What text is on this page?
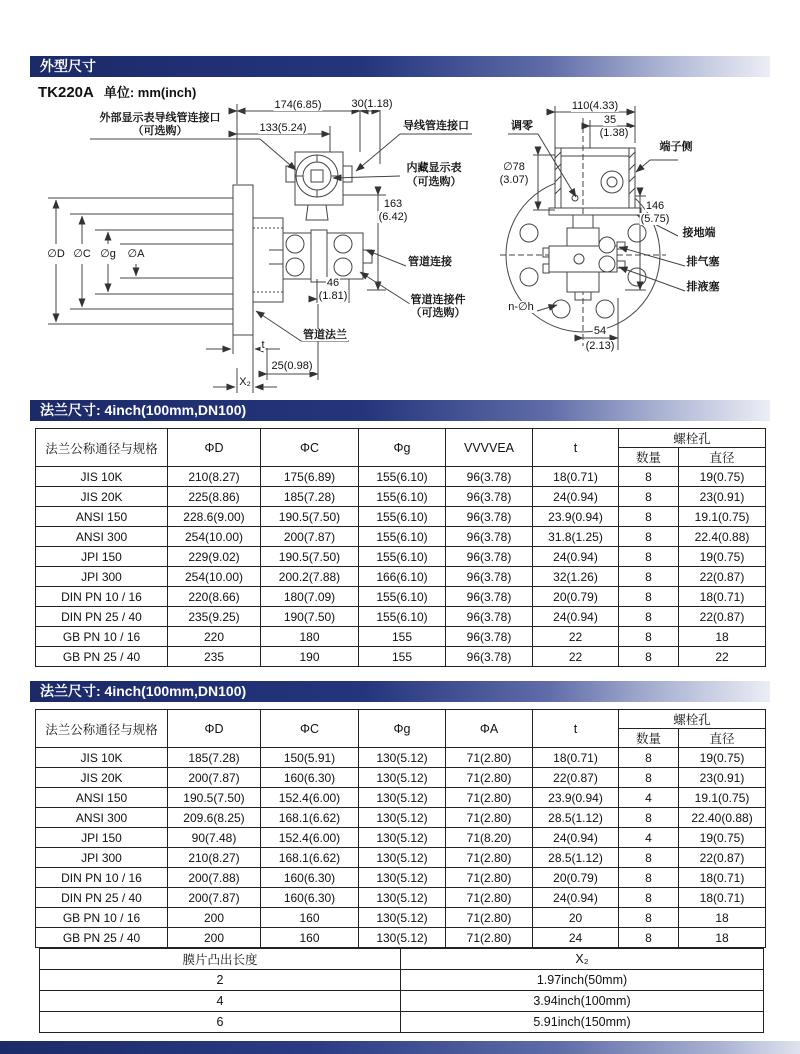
外型尺寸
TK220A 单位: mm(inch)
174(6.85)
133(5.24)
30(1.18)
外部显示表导线管连接口
（可选购）	导线管连接口
内藏显示表
（可选购）
163
(6.42)
∅D ∅C ∅g ∅A
46
(1.81)
管道连接
管道连接件
（可选购）
管道法兰
t
25(0.98)
X₂
110(4.33)
35
(1.38)
调零
端子侧
∅78
(3.07)
146
(5.75)
接地端
排气塞
排液塞
n-∅h
54
(2.13)
法兰尺寸: 4inch(100mm,DN100)
法兰公称通径与规格	ΦD	ΦC	Φg	VVVVEA	t	螺栓孔	
						数量	直径
JIS 10K	210(8.27)	175(6.89)	155(6.10)	96(3.78)	18(0.71)	8	19(0.75)
JIS 20K	225(8.86)	185(7.28)	155(6.10)	96(3.78)	24(0.94)	8	23(0.91)
ANSI 150	228.6(9.00)	190.5(7.50)	155(6.10)	96(3.78)	23.9(0.94)	8	19.1(0.75)
ANSI 300	254(10.00)	200(7.87)	155(6.10)	96(3.78)	31.8(1.25)	8	22.4(0.88)
JPI 150	229(9.02)	190.5(7.50)	155(6.10)	96(3.78)	24(0.94)	8	19(0.75)
JPI 300	254(10.00)	200.2(7.88)	166(6.10)	96(3.78)	32(1.26)	8	22(0.87)
DIN PN 10 / 16	220(8.66)	180(7.09)	155(6.10)	96(3.78)	20(0.79)	8	18(0.71)
DIN PN 25 / 40	235(9.25)	190(7.50)	155(6.10)	96(3.78)	24(0.94)	8	22(0.87)
GB PN 10 / 16	220	180	155	96(3.78)	22	8	18
GB PN 25 / 40	235	190	155	96(3.78)	22	8	22
法兰尺寸: 4inch(100mm,DN100)
法兰公称通径与规格	ΦD	ΦC	Φg	ΦA	t	螺栓孔	
						数量	直径
JIS 10K	185(7.28)	150(5.91)	130(5.12)	71(2.80)	18(0.71)	8	19(0.75)
JIS 20K	200(7.87)	160(6.30)	130(5.12)	71(2.80)	22(0.87)	8	23(0.91)
ANSI 150	190.5(7.50)	152.4(6.00)	130(5.12)	71(2.80)	23.9(0.94)	4	19.1(0.75)
ANSI 300	209.6(8.25)	168.1(6.62)	130(5.12)	71(2.80)	28.5(1.12)	8	22.40(0.88)
JPI 150	90(7.48)	152.4(6.00)	130(5.12)	71(8.20)	24(0.94)	4	19(0.75)
JPI 300	210(8.27)	168.1(6.62)	130(5.12)	71(2.80)	28.5(1.12)	8	22(0.87)
DIN PN 10 / 16	200(7.88)	160(6.30)	130(5.12)	71(2.80)	20(0.79)	8	18(0.71)
DIN PN 25 / 40	200(7.87)	160(6.30)	130(5.12)	71(2.80)	24(0.94)	8	18(0.71)
GB PN 10 / 16	200	160	130(5.12)	71(2.80)	20	8	18
GB PN 25 / 40	200	160	130(5.12)	71(2.80)	24	8	18
膜片凸出长度	X₂
2	1.97inch(50mm)
4	3.94inch(100mm)
6	5.91inch(150mm)
